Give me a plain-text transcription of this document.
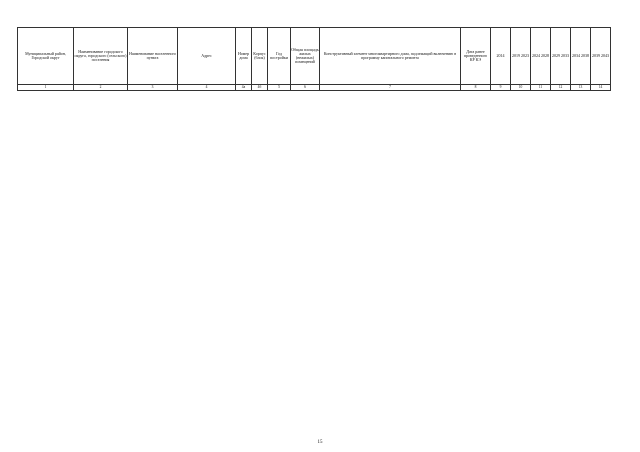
Муниципальный район, Городской округ	Наименование городского округа, городского (сельского) поселения	Наименование населенного пункта	Адрес	Номер дома	Корпус (блок)	Год постройки	Общая площадь жилых (нежилых) помещений	Конструктивный элемент многоквартирного дома, подлежащий включению в программу капитального ремонта	Дата ранее проведенного КР КЭ	2014	2019 2023	2024 2028	2029 2033	2034 2038	2039 2043
1	2	3	4	4а	4б	5	6	7	8	9	10	11	12	13	14
15
